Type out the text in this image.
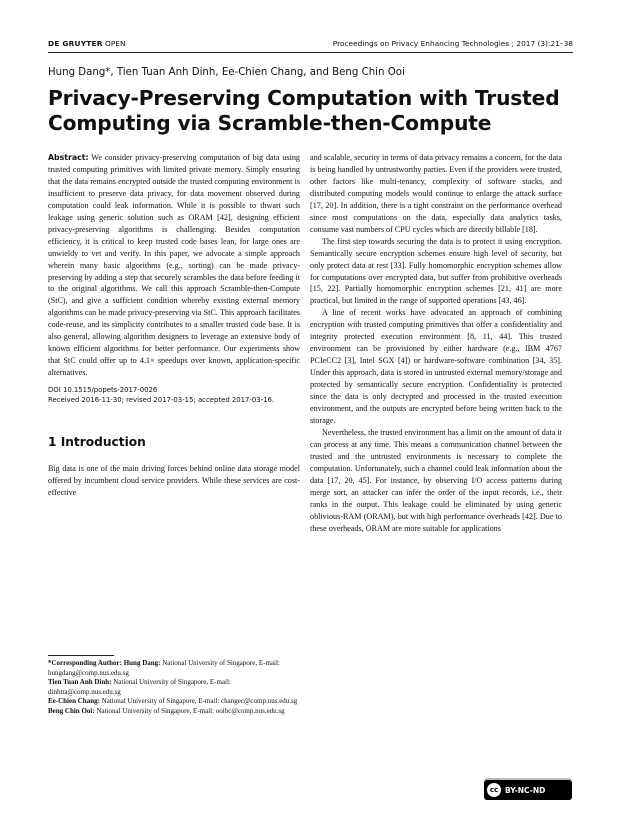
DE GRUYTER OPEN	Proceedings on Privacy Enhancing Technologies ; 2017 (3):21–38
Hung Dang*, Tien Tuan Anh Dinh, Ee-Chien Chang, and Beng Chin Ooi
Privacy-Preserving Computation with Trusted Computing via Scramble-then-Compute

Abstract: We consider privacy-preserving computation of big data using trusted computing primitives with limited private memory. Simply ensuring that the data remains encrypted outside the trusted computing environment is insufficient to preserve data privacy, for data movement observed during computation could leak information. While it is possible to thwart such leakage using generic solution such as ORAM [42], designing efficient privacy-preserving algorithms is challenging. Besides computation efficiency, it is critical to keep trusted code bases lean, for large ones are unwieldy to vet and verify. In this paper, we advocate a simple approach wherein many basic algorithms (e.g., sorting) can be made privacy-preserving by adding a step that securely scrambles the data before feeding it to the original algorithms. We call this approach Scramble-then-Compute (StC), and give a sufficient condition whereby existing external memory algorithms can be made privacy-preserving via StC. This approach facilitates code-reuse, and its simplicity contributes to a smaller trusted code base. It is also general, allowing algorithm designers to leverage an extensive body of known efficient algorithms for better performance. Our experiments show that StC could offer up to 4.1× speedups over known, application-specific alternatives.

DOI 10.1515/popets-2017-0026
Received 2016-11-30; revised 2017-03-15; accepted 2017-03-16.
1 Introduction

Big data is one of the main driving forces behind online data storage model offered by incumbent cloud service providers. While these services are cost-effective

*Corresponding Author: Hung Dang: National University of Singapore, E-mail: hungdang@comp.nus.edu.sg
Tien Tuan Anh Dinh: National University of Singapore, E-mail: dinhtta@comp.nus.edu.sg
Ee-Chien Chang: National University of Singapore, E-mail: changec@comp.nus.edu.sg
Beng Chin Ooi: National University of Singapore, E-mail: ooibc@comp.nus.edu.sg

and scalable, security in terms of data privacy remains a concern, for the data is being handled by untrustworthy parties. Even if the providers were trusted, other factors like multi-tenancy, complexity of software stacks, and distributed computing models would continue to enlarge the attack surface [17, 20]. In addition, there is a tight constraint on the performance overhead since most computations on the data, especially data analytics tasks, consume vast numbers of CPU cycles which are directly billable [18].

The first step towards securing the data is to protect it using encryption. Semantically secure encryption schemes ensure high level of security, but only protect data at rest [33]. Fully homomorphic encryption schemes allow for computations over encrypted data, but suffer from prohibitive overheads [15, 22]. Partially homomorphic encryption schemes [21, 41] are more practical, but limited in the range of supported operations [43, 46].

A line of recent works have advocated an approach of combining encryption with trusted computing primitives that offer a confidentiality and integrity protected execution environment [8, 11, 44]. This trusted environment can be provisioned by either hardware (e.g., IBM 4767 PCIeCC2 [3], Intel SGX [4]) or hardware-software combination [34, 35]. Under this approach, data is stored in untrusted external memory/storage and protected by semantically secure encryption. Confidentiality is protected since the data is only decrypted and processed in the trusted execution environment, and the outputs are encrypted before being written back to the storage.

Nevertheless, the trusted environment has a limit on the amount of data it can process at any time. This means a communication channel between the trusted and the untrusted environments is necessary to complete the computation. Unfortunately, such a channel could leak information about the data [17, 20, 45]. For instance, by observing I/O access patterns during merge sort, an attacker can infer the order of the input records, i.e., their ranks in the output. This leakage could be eliminated by using generic oblivious-RAM (ORAM), but with high performance overheads [42]. Due to these overheads, ORAM are more suitable for applications

cc BY-NC-ND
